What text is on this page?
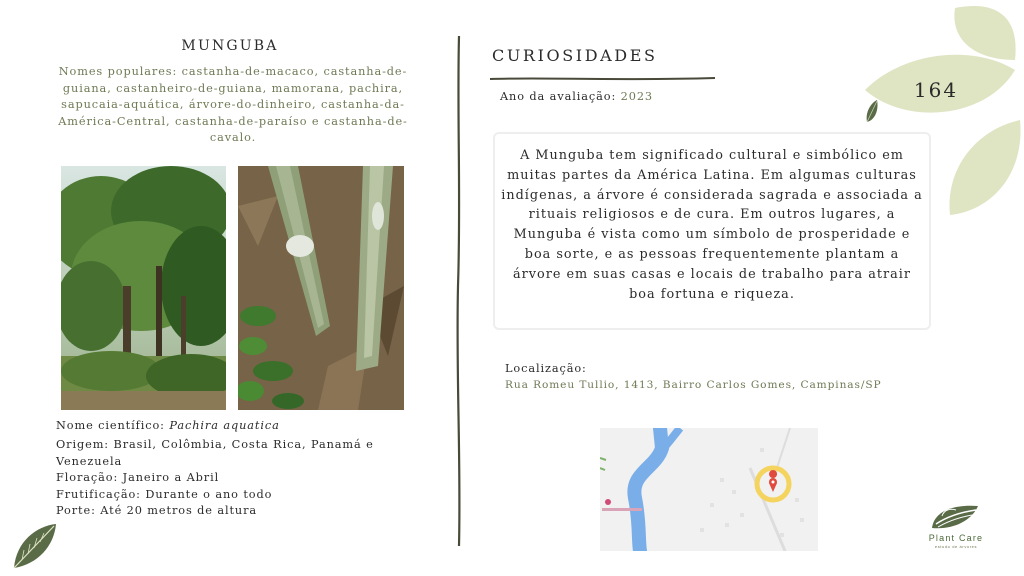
MUNGUBA
Nomes populares: castanha-de-macaco, castanha-de-guiana, castanheiro-de-guiana, mamorana, pachira, sapucaia-aquática, árvore-do-dinheiro, castanha-da-América-Central, castanha-de-paraíso e castanha-de-cavalo.
Nome científico: Pachira aquatica
Origem: Brasil, Colômbia, Costa Rica, Panamá e Venezuela
Floração: Janeiro a Abril
Frutificação: Durante o ano todo
Porte: Até 20 metros de altura
CURIOSIDADES
Ano da avaliação: 2023
A Munguba tem significado cultural e simbólico em muitas partes da América Latina. Em algumas culturas indígenas, a árvore é considerada sagrada e associada a rituais religiosos e de cura. Em outros lugares, a Munguba é vista como um símbolo de prosperidade e boa sorte, e as pessoas frequentemente plantam a árvore em suas casas e locais de trabalho para atrair boa fortuna e riqueza.
Localização:
Rua Romeu Tullio, 1413, Bairro Carlos Gomes, Campinas/SP
164
Plant Care
estudo de árvores
